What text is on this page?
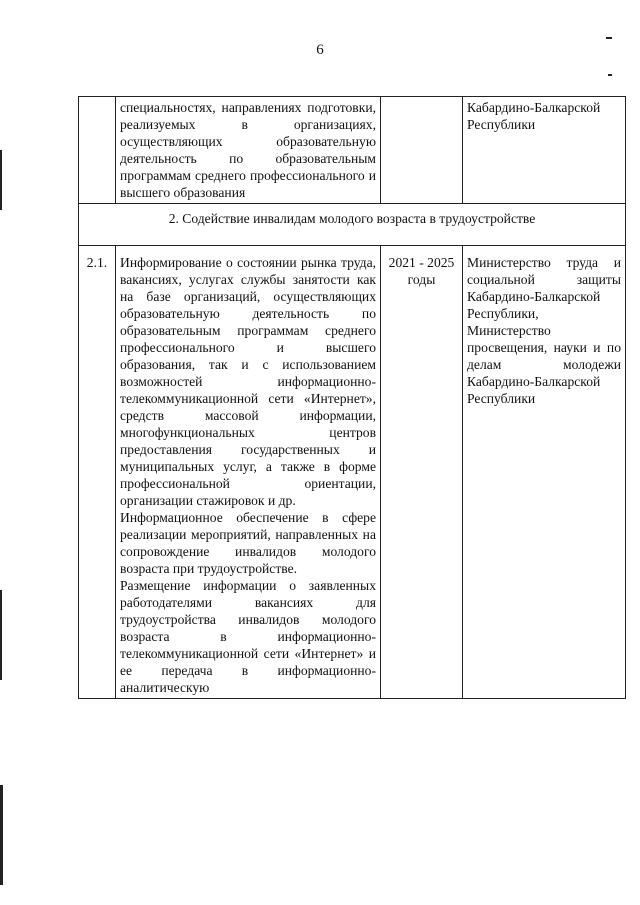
6
	специальностях, направлениях подготовки, реализуемых в организациях, осуществляющих образовательную деятельность по образовательным программам среднего профессионального и высшего образования		Кабардино-Балкарской Республики
2. Содействие инвалидам молодого возраста в трудоустройстве			
2.1.	Информирование о состоянии рынка труда, вакансиях, услугах службы занятости как на базе организаций, осуществляющих образовательную деятельность по образовательным программам среднего профессионального и высшего образования, так и с использованием возможностей информационно-телекоммуникационной сети «Интернет», средств массовой информации, многофункциональных центров предоставления государственных и муниципальных услуг, а также в форме профессиональной ориентации, организации стажировок и др.
Информационное обеспечение в сфере реализации мероприятий, направленных на сопровождение инвалидов молодого возраста при трудоустройстве.
Размещение информации о заявленных работодателями вакансиях для трудоустройства инвалидов молодого возраста в информационно-телекоммуникационной сети «Интернет» и ее передача в информационно-аналитическую	2021 - 2025 годы	Министерство труда и социальной защиты Кабардино-Балкарской Республики, Министерство просвещения, науки и по делам молодежи Кабардино-Балкарской Республики
